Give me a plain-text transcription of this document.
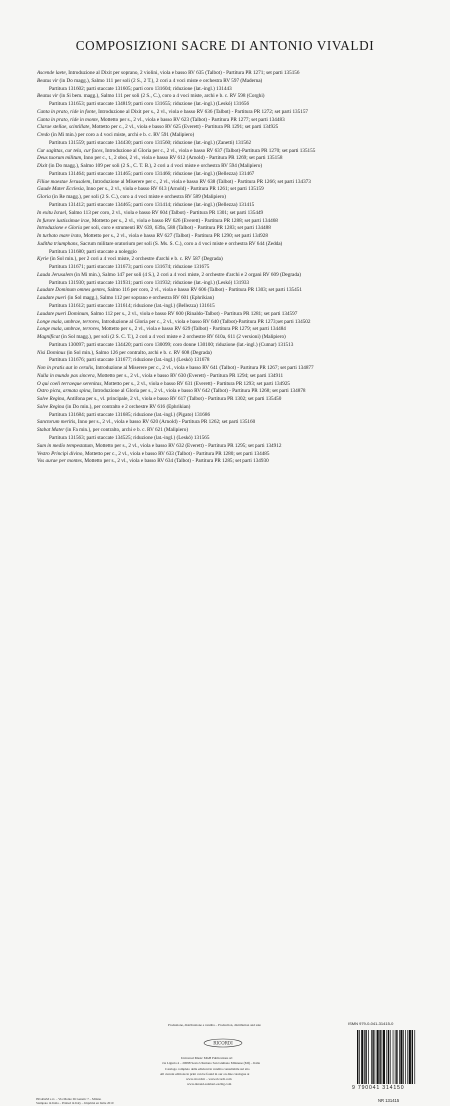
COMPOSIZIONI SACRE DI ANTONIO VIVALDI
Ascende laete, Introduzione al Dixit per soprano, 2 violini, viola e basso RV 635 (Talbot) - Partitura PR 1271; set parti 135156
Beatus vir (in Do magg.), Salmo 111 per soli (2 S., 2 T.), 2 cori a 4 voci miste e orchestra RV 597 (Maderna)
Partitura 131602; parti staccate 131605; parti coro 131604; riduzione (lat.-ingl.) 131443
Beatus vir (in Si bem. magg.), Salmo 111 per soli (2 S., C.), coro a 4 voci miste, archi e b. c. RV 598 (Corghi)
Partitura 131653; parti staccate 134819; parti coro 131655; riduzione (lat.-ingl.) (Leskó) 131656
Canta in prato, ride in fonte, Introduzione al Dixit per s., 2 vl., viola e basso RV 636 (Talbot) - Partitura PR 1272; set parti 135157
Canta in prato, ride in monte, Mottetto per s., 2 vl., viola e basso RV 623 (Talbot) - Partitura PR 1277; set parti 134483
Clarae stellae, scintillate, Mottetto per c., 2 vl., viola e basso RV 625 (Everett) - Partitura PR 1291; set parti 134925
Credo (in Mi min.) per coro a 4 voci miste, archi e b. c. RV 591 (Malipiero)
Partitura 131559; parti staccate 134430; parti coro 131560; riduzione (lat.-ingl.) (Zanetti) 131562
Cur sagittas, cur tela, cur faces, Introduzione al Gloria per c., 2 vl., viola e basso RV 637 (Talbot)-Partitura PR 1270; set parti 135155
Deus tuorum militum, Inno per c., t., 2 oboi, 2 vl., viola e basso RV 612 (Arnold) - Partitura PR 1269; set parti 135158
Dixit (in Do magg.), Salmo 109 per soli (2 S., C. T. B.), 2 cori a 4 voci miste e orchestra RV 594 (Malipiero)
Partitura 131464; parti staccate 131465; parti coro 131466; riduzione (lat.-ingl.) (Bellezza) 131467
Filiae maestae Jerusalem, Introduzione al Miserere per c., 2 vl., viola e basso RV 638 (Talbot) - Partitura PR 1266; set parti 134373
Gaude Mater Ecclesia, Inno per s., 2 vl., viola e basso RV 613 (Arnold) - Partitura PR 1261; set parti 135159
Gloria (in Re magg.), per soli (2 S. C.), coro a 4 voci miste e orchestra RV 589 (Malipiero)
Partitura 131412; parti staccate 134465; parti coro 131414; riduzione (lat.-ingl.) (Bellezza) 131415
In exitu Israel, Salmo 113 per coro, 2 vl., viola e basso RV 604 (Talbot) - Partitura PR 1301; set parti 135449
In furore iustissimae irae, Mottetto per s., 2 vl., viola e basso RV 626 (Everett) - Partitura PR 1288; set parti 134468
Introduzione e Gloria per soli, coro e strumenti RV 639, 639a, 588 (Talbot) - Partitura PR 1283; set parti 134488
In turbato mare irato, Mottetto per s., 2 vl., viola e basso RV 627 (Talbot) - Partitura PR 1290; set parti 134928
Juditha triumphans, Sacrum militare oratorium per soli (S. Ms. S. C.), coro a 4 voci miste e orchestra RV 644 (Zedda)
Partitura 131680; parti staccate a noleggio
Kyrie (in Sol min.), per 2 cori a 4 voci miste, 2 orchestre d'archi e b. c. RV 587 (Degrada)
Partitura 131671; parti staccate 131673; parti coro 131674; riduzione 131675
Lauda Jerusalem (in Mi min.), Salmo 147 per soli (4 S.), 2 cori a 4 voci miste, 2 orchestre d'archi e 2 organi RV 609 (Degrada)
Partitura 131930; parti staccate 131931; parti coro 131932; riduzione (lat.-ingl.) (Leskó) 131933
Laudate Dominum omnes gentes, Salmo 116 per coro, 2 vl., viola e basso RV 606 (Talbot) - Partitura PR 1303; set parti 135451
Laudate pueri (in Sol magg.), Salmo 112 per soprano e orchestra RV 601 (Ephrikian)
Partitura 131612; parti staccate 131614; riduzione (lat.-ingl.) (Bellezza) 131615
Laudate pueri Dominum, Salmo 112 per s., 2 vl., viola e basso RV 600 (Rinaldo-Talbot) - Partitura PR 1281; set parti 134597
Longe mala, umbrae, terrores, Introduzione al Gloria per c., 2 vl., viola e basso RV 640 (Talbot)-Partitura PR 1273;set parti 134502
Longe mala, umbrae, terrores, Mottetto per s., 2 vl., viola e basso RV 629 (Talbot) - Partitura PR 1279; set parti 134484
Magnificat (in Sol magg.), per soli (2 S. C. T.), 2 cori a 4 voci miste e 2 orchestre RV 610a, 611 (2 versioni) (Malipiero)
Partitura 130097; parti staccate 134420; parti coro 130099; coro donne 130100; riduzione (lat.-ingl.) (Cumar) 131513
Nisi Dominus (in Sol min.), Salmo 126 per contralto, archi e b. c. RV 608 (Degrada)
Partitura 131676; parti staccate 131677; riduzione (lat.-ingl.) (Leskó) 131678
Non in pratis aut in cerulis, Introduzione al Miserere per c., 2 vl., viola e basso RV 641 (Talbot) - Partitura PR 1267; set parti 134877
Nulla in mundo pax sincera, Mottetto per s., 2 vl., viola e basso RV 630 (Everett) - Partitura PR 1294; set parti 134911
O qui coeli terraeque serenitas, Mottetto per s., 2 vl., viola e basso RV 631 (Everett) - Partitura PR 1293; set parti 134925
Ostro picta, armata spina, Introduzione al Gloria per s., 2 vl., viola e basso RV 642 (Talbot) - Partitura PR 1268; set parti 134878
Salve Regina, Antifona per s., vl. principale, 2 vl., viola e basso RV 617 (Talbot) - Partitura PR 1302; set parti 135450
Salve Regina (in Do min.), per contralto e 2 orchestre RV 616 (Ephrikian)
Partitura 131684; parti staccate 131685; riduzione (lat.-ingl.) (Pigato) 131686
Sanctorum meritis, Inno per s., 2 vl., viola e basso RV 620 (Arnold) - Partitura PR 1262; set parti 135160
Stabat Mater (in Fa min.), per contralto, archi e b. c. RV 621 (Malipiero)
Partitura 131563; parti staccate 134525; riduzione (lat.-ingl.) (Leskó) 131565
Sum in medio tempestatum, Mottetto per s., 2 vl., viola e basso RV 632 (Everett) - Partitura PR 1295; set parti 134912
Vestro Principi divino, Mottetto per c., 2 vl., viola e basso RV 633 (Talbot) - Partitura PR 1280; set parti 134485
Vos aurae per montes, Mottetto per s., 2 vl., viola e basso RV 634 (Talbot) - Partitura PR 1285; set parti 134930
Produzione, distribuzione e vendita – Production, distribution and sale
RICORDI
Universal Music MGB Publications srl
via Liguria 4 – 20098 Sesto Ulteriano San Giuliano Milanese (MI) – Italia
Catalogo completo delle edizioni in vendita consultabile sul sito
All current editions in print can be found in our on-line catalogue at
www.ricordi.it – www.ricordi.com
www.durand-salabert-eschig.com
ISMN 979-0-041-31415-0
9 790041 314150
NR 131415
INGRAM s.r.l. – Via Monte Di Genetic 7 – Milano
Stampato in Italia – Printed in Italy – Imprimé en Italie 2010
